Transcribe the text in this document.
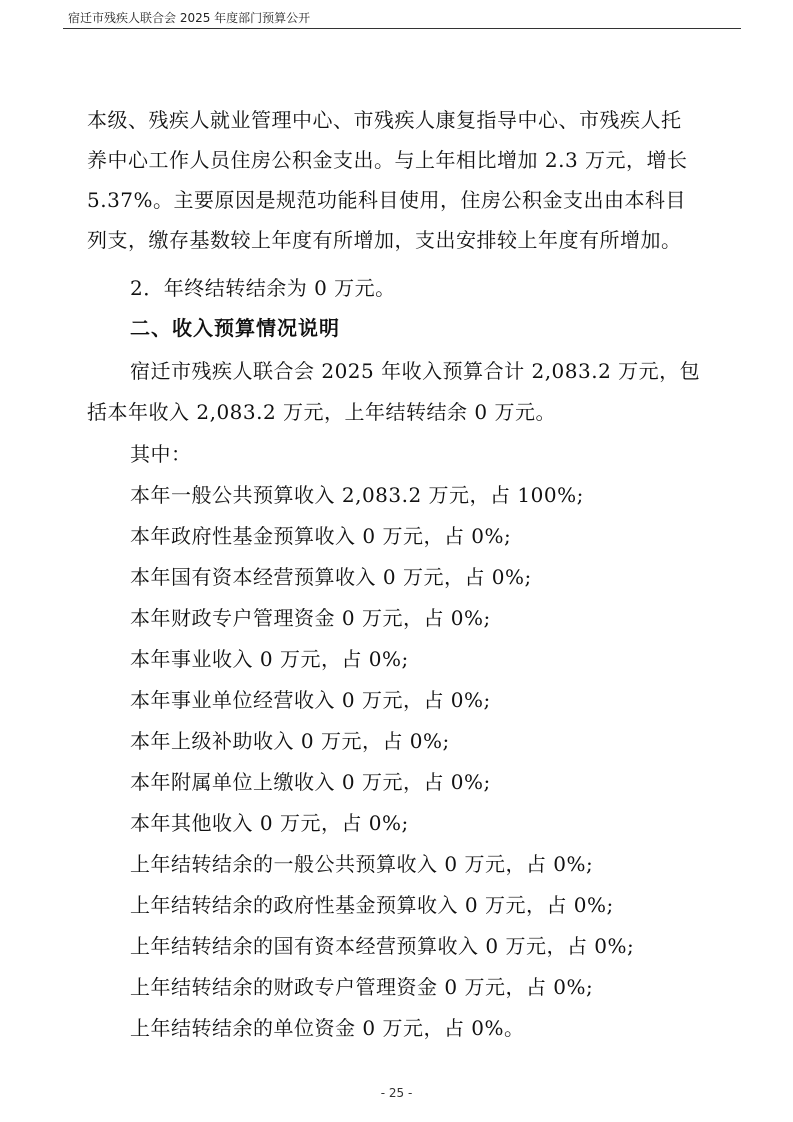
宿迁市残疾人联合会 2025 年度部门预算公开
本级、残疾人就业管理中心、市残疾人康复指导中心、市残疾人托
养中心工作人员住房公积金支出。与上年相比增加 2.3 万元，增长
5.37%。主要原因是规范功能科目使用，住房公积金支出由本科目
列支，缴存基数较上年度有所增加，支出安排较上年度有所增加。
2．年终结转结余为 0 万元。
二、收入预算情况说明
宿迁市残疾人联合会 2025 年收入预算合计 2,083.2 万元，包
括本年收入 2,083.2 万元，上年结转结余 0 万元。
其中：
本年一般公共预算收入 2,083.2 万元，占 100%;
本年政府性基金预算收入 0 万元，占 0%;
本年国有资本经营预算收入 0 万元，占 0%;
本年财政专户管理资金 0 万元，占 0%;
本年事业收入 0 万元，占 0%;
本年事业单位经营收入 0 万元，占 0%;
本年上级补助收入 0 万元，占 0%;
本年附属单位上缴收入 0 万元，占 0%;
本年其他收入 0 万元，占 0%;
上年结转结余的一般公共预算收入 0 万元，占 0%;
上年结转结余的政府性基金预算收入 0 万元，占 0%;
上年结转结余的国有资本经营预算收入 0 万元，占 0%;
上年结转结余的财政专户管理资金 0 万元，占 0%;
上年结转结余的单位资金 0 万元，占 0%。
- 25 -
